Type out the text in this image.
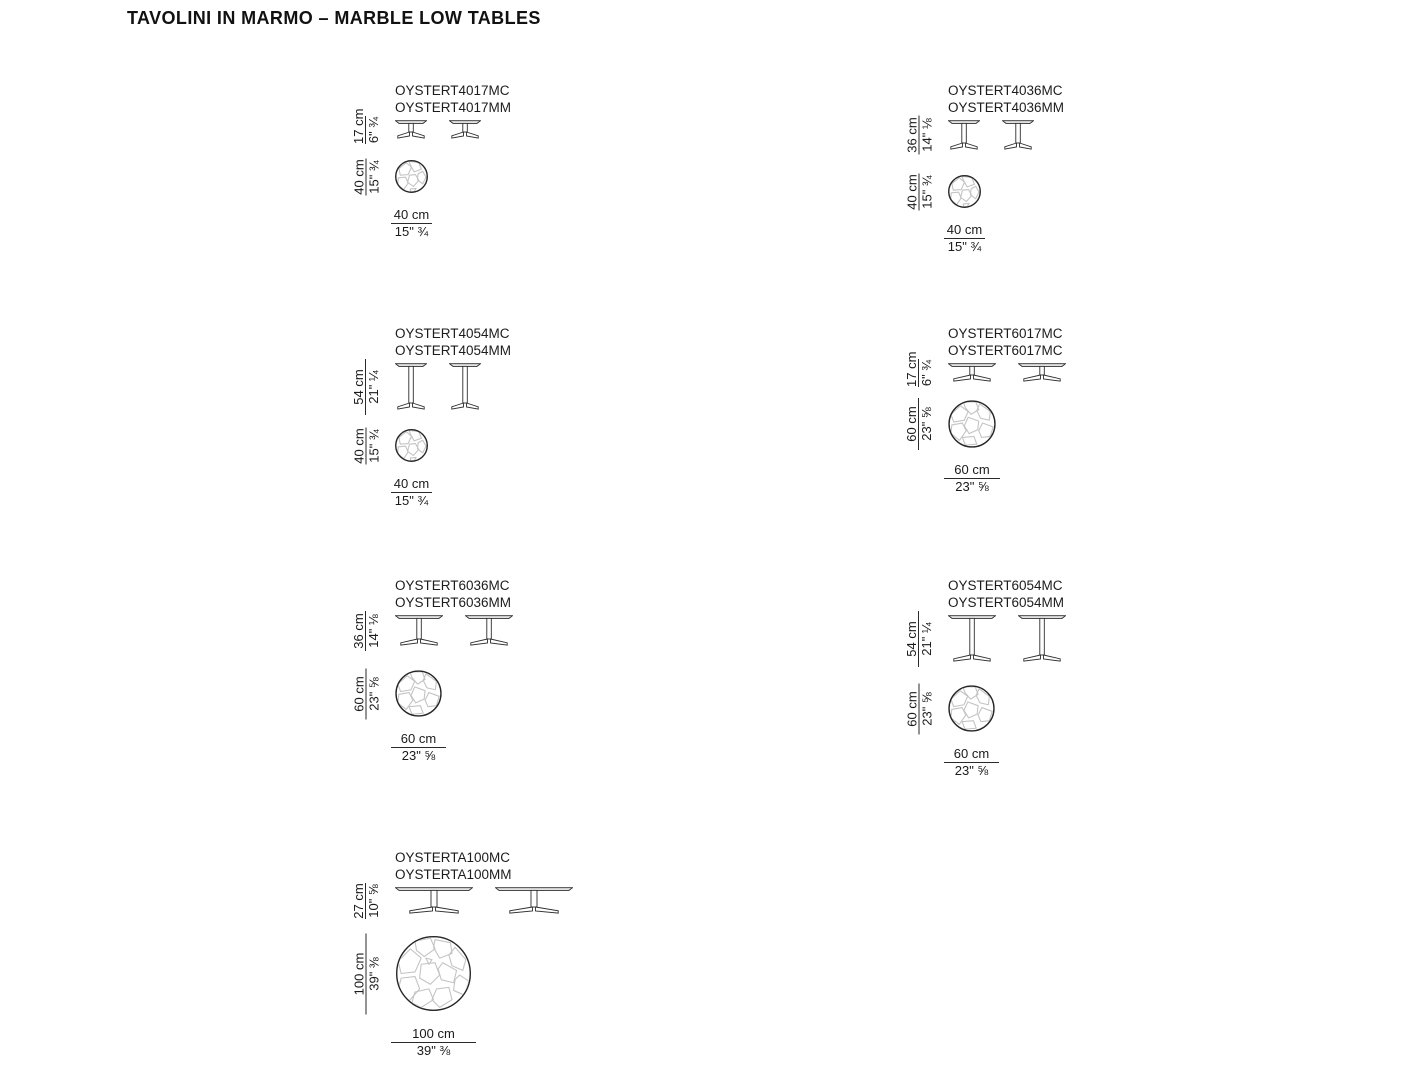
TAVOLINI IN MARMO – MARBLE LOW TABLES
OYSTERT4017MC
OYSTERT4017MM
17 cm 6" ¾
40 cm 15" ¾
40 cm
15" ¾
OYSTERT4036MC
OYSTERT4036MM
36 cm 14" ⅛
40 cm 15" ¾
40 cm
15" ¾
OYSTERT4054MC
OYSTERT4054MM
54 cm 21" ¼
40 cm 15" ¾
40 cm
15" ¾
OYSTERT6017MC
OYSTERT6017MC
17 cm 6" ¾
60 cm 23" ⅝
60 cm
23" ⅝
OYSTERT6036MC
OYSTERT6036MM
36 cm 14" ⅛
60 cm 23" ⅝
60 cm
23" ⅝
OYSTERT6054MC
OYSTERT6054MM
54 cm 21" ¼
60 cm 23" ⅝
60 cm
23" ⅝
OYSTERTA100MC
OYSTERTA100MM
27 cm 10" ⅝
100 cm 39" ⅜
100 cm
39" ⅜
